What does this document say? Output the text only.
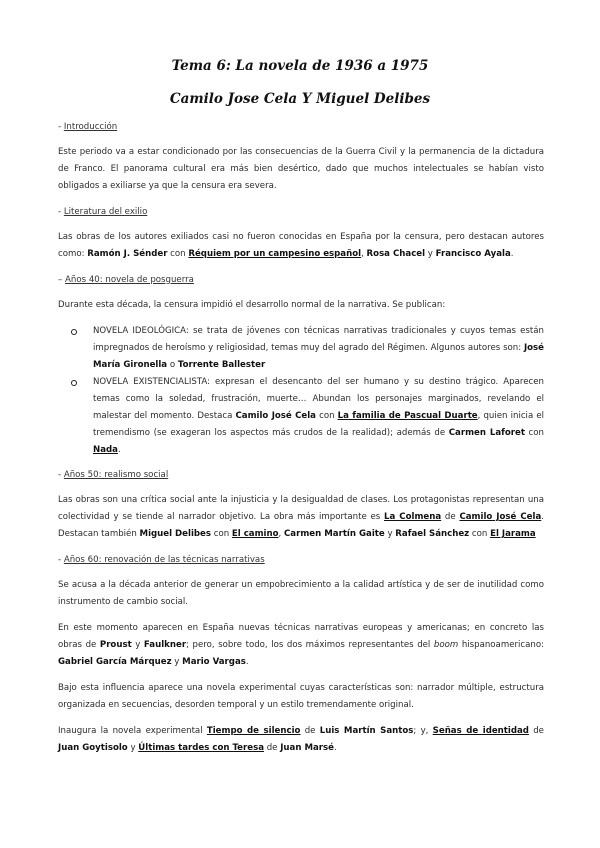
Tema 6: La novela de 1936 a 1975
Camilo Jose Cela Y Miguel Delibes
- Introducción

Este periodo va a estar condicionado por las consecuencias de la Guerra Civil y la permanencia de la dictadura de Franco. El panorama cultural era más bien desértico, dado que muchos intelectuales se habían visto obligados a exiliarse ya que la censura era severa.

- Literatura del exilio

Las obras de los autores exiliados casi no fueron conocidas en España por la censura, pero destacan autores como: Ramón J. Sénder con Réquiem por un campesino español, Rosa Chacel y Francisco Ayala.

– Años 40: novela de posguerra

Durante esta década, la censura impidió el desarrollo normal de la narrativa. Se publican:

NOVELA IDEOLÓGICA: se trata de jóvenes con técnicas narrativas tradicionales y cuyos temas están impregnados de heroísmo y religiosidad, temas muy del agrado del Régimen. Algunos autores son: José María Gironella o Torrente Ballester
NOVELA EXISTENCIALISTA: expresan el desencanto del ser humano y su destino trágico. Aparecen temas como la soledad, frustración, muerte… Abundan los personajes marginados, revelando el malestar del momento. Destaca Camilo José Cela con La familia de Pascual Duarte, quien inicia el tremendismo (se exageran los aspectos más crudos de la realidad); además de Carmen Laforet con Nada.
- Años 50: realismo social

Las obras son una crítica social ante la injusticia y la desigualdad de clases. Los protagonistas representan una colectividad y se tiende al narrador objetivo. La obra más importante es La Colmena de Camilo José Cela. Destacan también Miguel Delibes con El camino, Carmen Martín Gaite y Rafael Sánchez con El Jarama

- Años 60: renovación de las técnicas narrativas

Se acusa a la década anterior de generar un empobrecimiento a la calidad artística y de ser de inutilidad como instrumento de cambio social.

En este momento aparecen en España nuevas técnicas narrativas europeas y americanas; en concreto las obras de Proust y Faulkner; pero, sobre todo, los dos máximos representantes del boom hispanoamericano: Gabriel García Márquez y Mario Vargas.

Bajo esta influencia aparece una novela experimental cuyas características son: narrador múltiple, estructura organizada en secuencias, desorden temporal y un estilo tremendamente original.

Inaugura la novela experimental Tiempo de silencio de Luis Martín Santos; y, Señas de identidad de Juan Goytisolo y Últimas tardes con Teresa de Juan Marsé.
